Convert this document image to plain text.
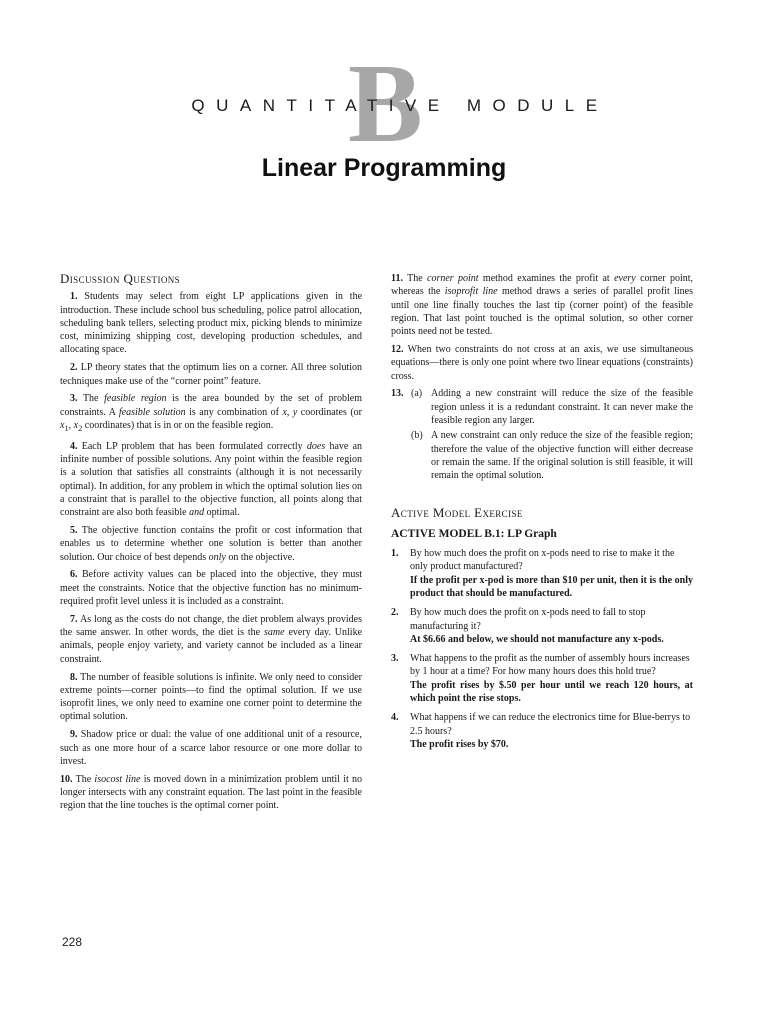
B
QUANTITATIVE MODULE
Linear Programming
Discussion Questions

1. Students may select from eight LP applications given in the introduction. These include school bus scheduling, police patrol allocation, scheduling bank tellers, selecting product mix, picking blends to minimize cost, minimizing shipping cost, developing production schedules, and allocating space.

2. LP theory states that the optimum lies on a corner. All three solution techniques make use of the “corner point” feature.

3. The feasible region is the area bounded by the set of problem constraints. A feasible solution is any combination of x, y coordinates (or $x_1$, $x_2$ coordinates) that is in or on the feasible region.

4. Each LP problem that has been formulated correctly does have an infinite number of possible solutions. Any point within the feasible region is a solution that satisfies all constraints (although it is not necessarily optimal). In addition, for any problem in which the optimal solution lies on a constraint that is parallel to the objective function, all points along that constraint are also both feasible and optimal.

5. The objective function contains the profit or cost information that enables us to determine whether one solution is better than another solution. Our choice of best depends only on the objective.

6. Before activity values can be placed into the objective, they must meet the constraints. Notice that the objective function has no minimum-required profit level unless it is included as a constraint.

7. As long as the costs do not change, the diet problem always provides the same answer. In other words, the diet is the same every day. Unlike animals, people enjoy variety, and variety cannot be included as a linear constraint.

8. The number of feasible solutions is infinite. We only need to consider extreme points—corner points—to find the optimal solution. If we use isoprofit lines, we only need to examine one corner point to determine the optimal solution.

9. Shadow price or dual: the value of one additional unit of a resource, such as one more hour of a scarce labor resource or one more dollar to invest.

10. The isocost line is moved down in a minimization problem until it no longer intersects with any constraint equation. The last point in the feasible region that the line touches is the optimal corner point.

11. The corner point method examines the profit at every corner point, whereas the isoprofit line method draws a series of parallel profit lines until one line finally touches the last tip (corner point) of the feasible region. That last point touched is the optimal solution, so other corner points need not be tested.

12. When two constraints do not cross at an axis, we use simultaneous equations—there is only one point where two linear equations (constraints) cross.

13. (a) Adding a new constraint will reduce the size of the feasible region unless it is a redundant constraint. It can never make the feasible region any larger.

(b) A new constraint can only reduce the size of the feasible region; therefore the value of the objective function will either decrease or remain the same. If the original solution is still feasible, it will remain the optimal solution.

Active Model Exercise
ACTIVE MODEL B.1: LP Graph
1. By how much does the profit on x-pods need to rise to make it the only product manufactured?
If the profit per x-pod is more than $10 per unit, then it is the only product that should be manufactured.
2. By how much does the profit on x-pods need to fall to stop manufacturing it?
At $6.66 and below, we should not manufacture any x-pods.
3. What happens to the profit as the number of assembly hours increases by 1 hour at a time? For how many hours does this hold true?
The profit rises by $.50 per hour until we reach 120 hours, at which point the rise stops.
4. What happens if we can reduce the electronics time for Blue-berrys to 2.5 hours?
The profit rises by $70.
228
